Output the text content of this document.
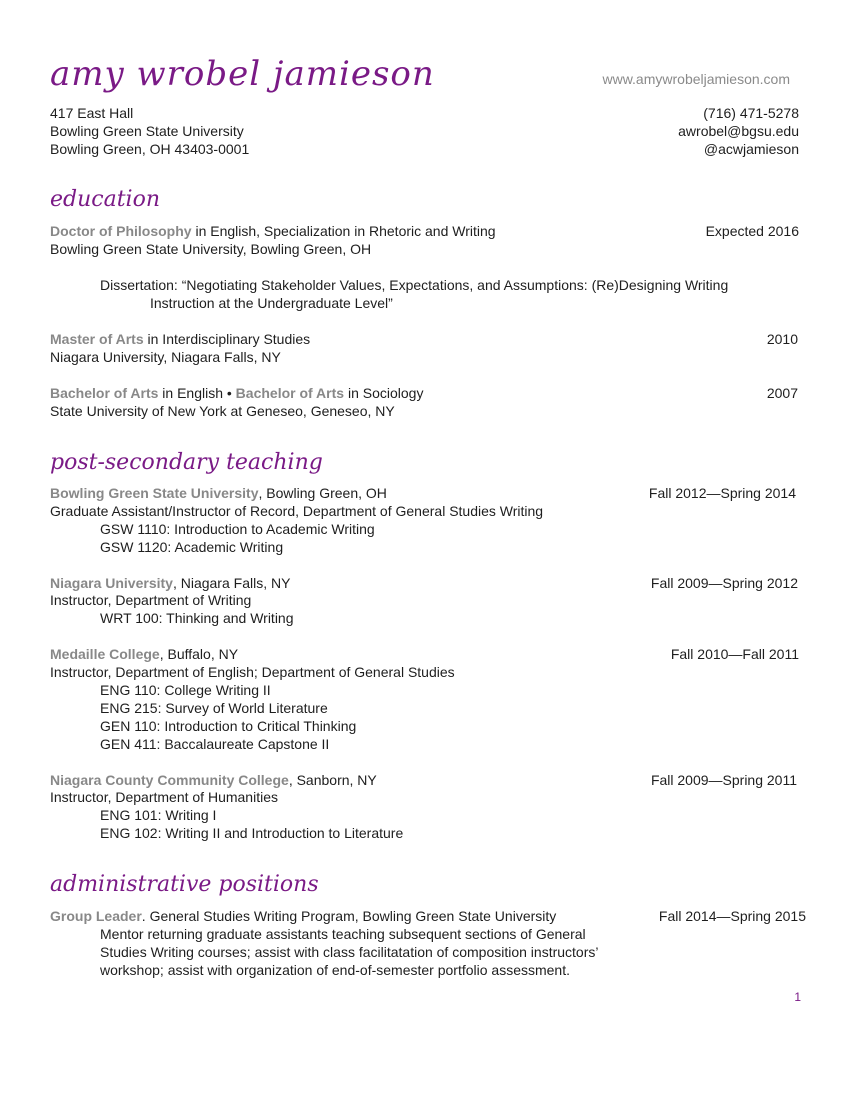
amy wrobel jamieson	www.amywrobeljamieson.com
417 East Hall
Bowling Green State University
Bowling Green, OH 43403-0001
(716) 471-5278
awrobel@bgsu.edu
@acwjamieson
education
Doctor of Philosophy in English, Specialization in Rhetoric and Writing	Expected 2016
Bowling Green State University, Bowling Green, OH
Dissertation: “Negotiating Stakeholder Values, Expectations, and Assumptions: (Re)Designing Writing
Instruction at the Undergraduate Level”
Master of Arts in Interdisciplinary Studies	2010
Niagara University, Niagara Falls, NY
Bachelor of Arts in English • Bachelor of Arts in Sociology	2007
State University of New York at Geneseo, Geneseo, NY
post-secondary teaching
Bowling Green State University, Bowling Green, OH	Fall 2012—Spring 2014
Graduate Assistant/Instructor of Record, Department of General Studies Writing
GSW 1110: Introduction to Academic Writing
GSW 1120: Academic Writing
Niagara University, Niagara Falls, NY	Fall 2009—Spring 2012
Instructor, Department of Writing
WRT 100: Thinking and Writing
Medaille College, Buffalo, NY	Fall 2010—Fall 2011
Instructor, Department of English; Department of General Studies
ENG 110: College Writing II
ENG 215: Survey of World Literature
GEN 110: Introduction to Critical Thinking
GEN 411: Baccalaureate Capstone II
Niagara County Community College, Sanborn, NY	Fall 2009—Spring 2011
Instructor, Department of Humanities
ENG 101: Writing I
ENG 102: Writing II and Introduction to Literature
administrative positions
Group Leader. General Studies Writing Program, Bowling Green State University	Fall 2014—Spring 2015
Mentor returning graduate assistants teaching subsequent sections of General
Studies Writing courses; assist with class facilitatation of composition instructors’
workshop; assist with organization of end-of-semester portfolio assessment.
1
